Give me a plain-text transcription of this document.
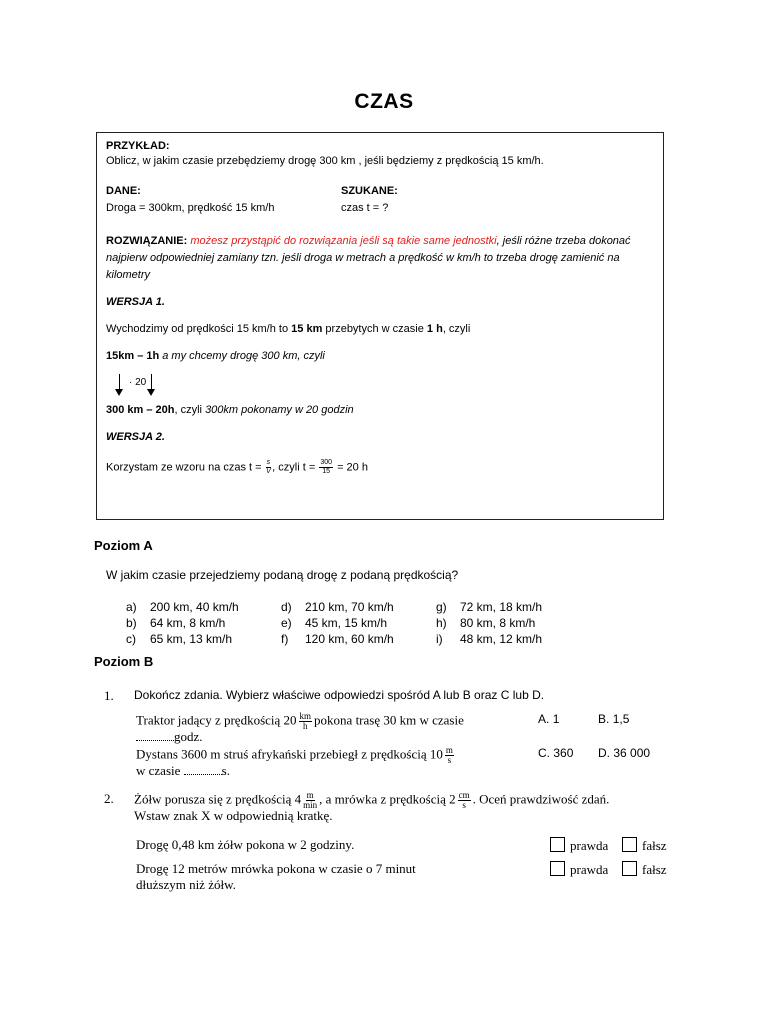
CZAS
PRZYKŁAD:
Oblicz, w jakim czasie przebędziemy drogę 300 km , jeśli będziemy z prędkością 15 km/h.
DANE:
Droga = 300km, prędkość 15 km/h
SZUKANE:
czas t = ?
ROZWIĄZANIE: możesz przystąpić do rozwiązania jeśli są takie same jednostki, jeśli różne trzeba dokonać
najpierw odpowiedniej zamiany tzn. jeśli droga w metrach a prędkość w km/h to trzeba drogę zamienić na
kilometry
WERSJA 1.
Wychodzimy od prędkości 15 km/h to 15 km przebytych w czasie 1 h, czyli
15km – 1h a my chcemy drogę 300 km, czyli
· 20
300 km – 20h, czyli 300km pokonamy w 20 godzin
WERSJA 2.
Korzystam ze wzoru na czas $t = \frac{s}{V}$ , czyli $t = \frac{300}{15} = 20$ h
Poziom A
W jakim czasie przejedziemy podaną drogę z podaną prędkością?
a) 200 km, 40 km/h
b) 64 km, 8 km/h
c) 65 km, 13 km/h
d) 210 km, 70 km/h
e) 45 km, 15 km/h
f) 120 km, 60 km/h
g) 72 km, 18 km/h
h) 80 km, 8 km/h
i) 48 km, 12 km/h
Poziom B
1. Dokończ zdania. Wybierz właściwe odpowiedzi spośród A lub B oraz C lub D.
Traktor jadący z prędkością $20 \frac{km}{h}$ pokona trasę 30 km w czasie
godz.
A. 1	B. 1,5
Dystans 3600 m struś afrykański przebiegł z prędkością $10 \frac{m}{s}$
w czasie	s.
C. 360 D. 36 000
2. Żółw porusza się z prędkością 4 m
min , a mrówka z prędkością $2 \frac{cm}{s}$ . Oceń prawdziwość zdań.
Wstaw znak X w odpowiednią kratkę.
Drogę 0,48 km żółw pokona w 2 godziny.	prawda	fałsz
Drogę 12 metrów mrówka pokona w czasie o 7 minut
dłuższym niż żółw.
prawda	fałsz
